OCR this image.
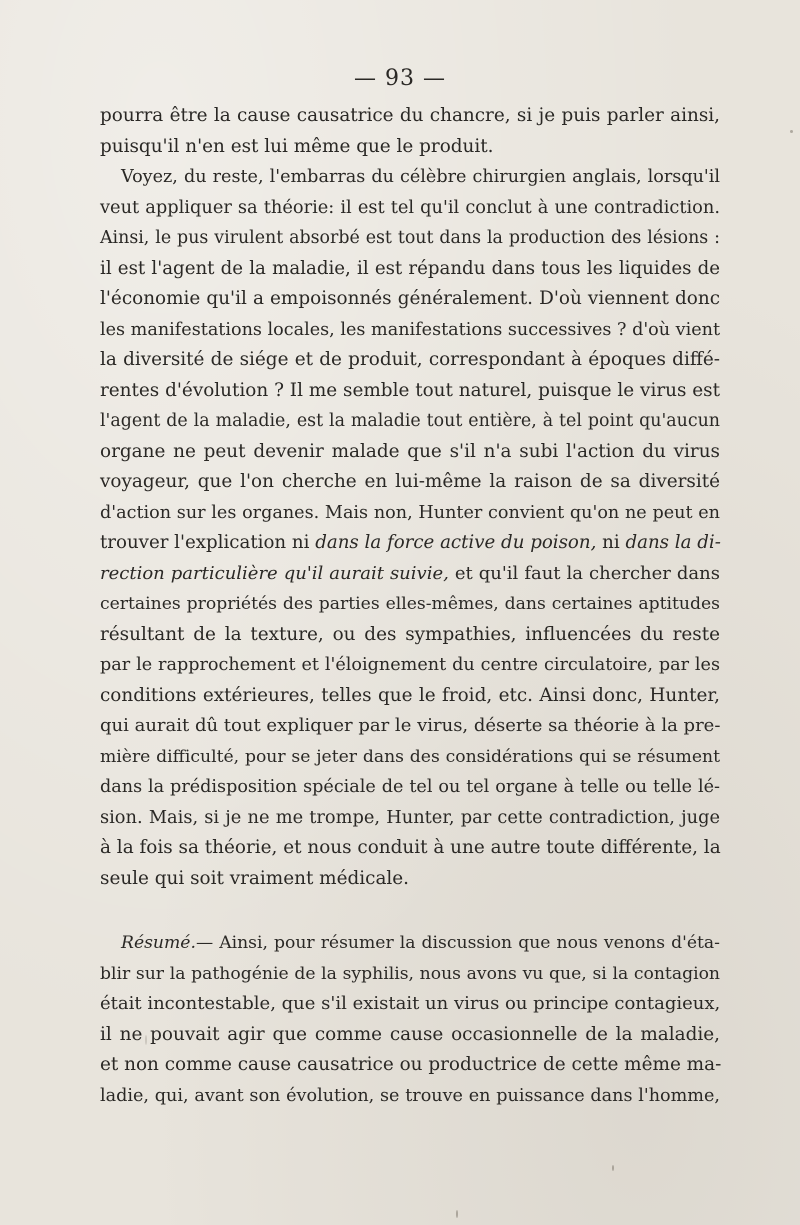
— 93 —
pourra être la cause causatrice du chancre, si je puis parler ainsi,
puisqu'il n'en est lui même que le produit.
Voyez, du reste, l'embarras du célèbre chirurgien anglais, lorsqu'il
veut appliquer sa théorie: il est tel qu'il conclut à une contradiction.
Ainsi, le pus virulent absorbé est tout dans la production des lésions :
il est l'agent de la maladie, il est répandu dans tous les liquides de
l'économie qu'il a empoisonnés généralement. D'où viennent donc
les manifestations locales, les manifestations successives ? d'où vient
la diversité de siége et de produit, correspondant à époques diffé-
rentes d'évolution ? Il me semble tout naturel, puisque le virus est
l'agent de la maladie, est la maladie tout entière, à tel point qu'aucun
organe ne peut devenir malade que s'il n'a subi l'action du virus
voyageur, que l'on cherche en lui-même la raison de sa diversité
d'action sur les organes. Mais non, Hunter convient qu'on ne peut en
trouver l'explication ni dans la force active du poison, ni dans la di-
rection particulière qu'il aurait suivie, et qu'il faut la chercher dans
certaines propriétés des parties elles-mêmes, dans certaines aptitudes
résultant de la texture, ou des sympathies, influencées du reste
par le rapprochement et l'éloignement du centre circulatoire, par les
conditions extérieures, telles que le froid, etc. Ainsi donc, Hunter,
qui aurait dû tout expliquer par le virus, déserte sa théorie à la pre-
mière difficulté, pour se jeter dans des considérations qui se résument
dans la prédisposition spéciale de tel ou tel organe à telle ou telle lé-
sion. Mais, si je ne me trompe, Hunter, par cette contradiction, juge
à la fois sa théorie, et nous conduit à une autre toute différente, la
seule qui soit vraiment médicale.
Résumé.— Ainsi, pour résumer la discussion que nous venons d'éta-
blir sur la pathogénie de la syphilis, nous avons vu que, si la contagion
était incontestable, que s'il existait un virus ou principe contagieux,
il ne pouvait agir que comme cause occasionnelle de la maladie,
et non comme cause causatrice ou productrice de cette même ma-
ladie, qui, avant son évolution, se trouve en puissance dans l'homme,
